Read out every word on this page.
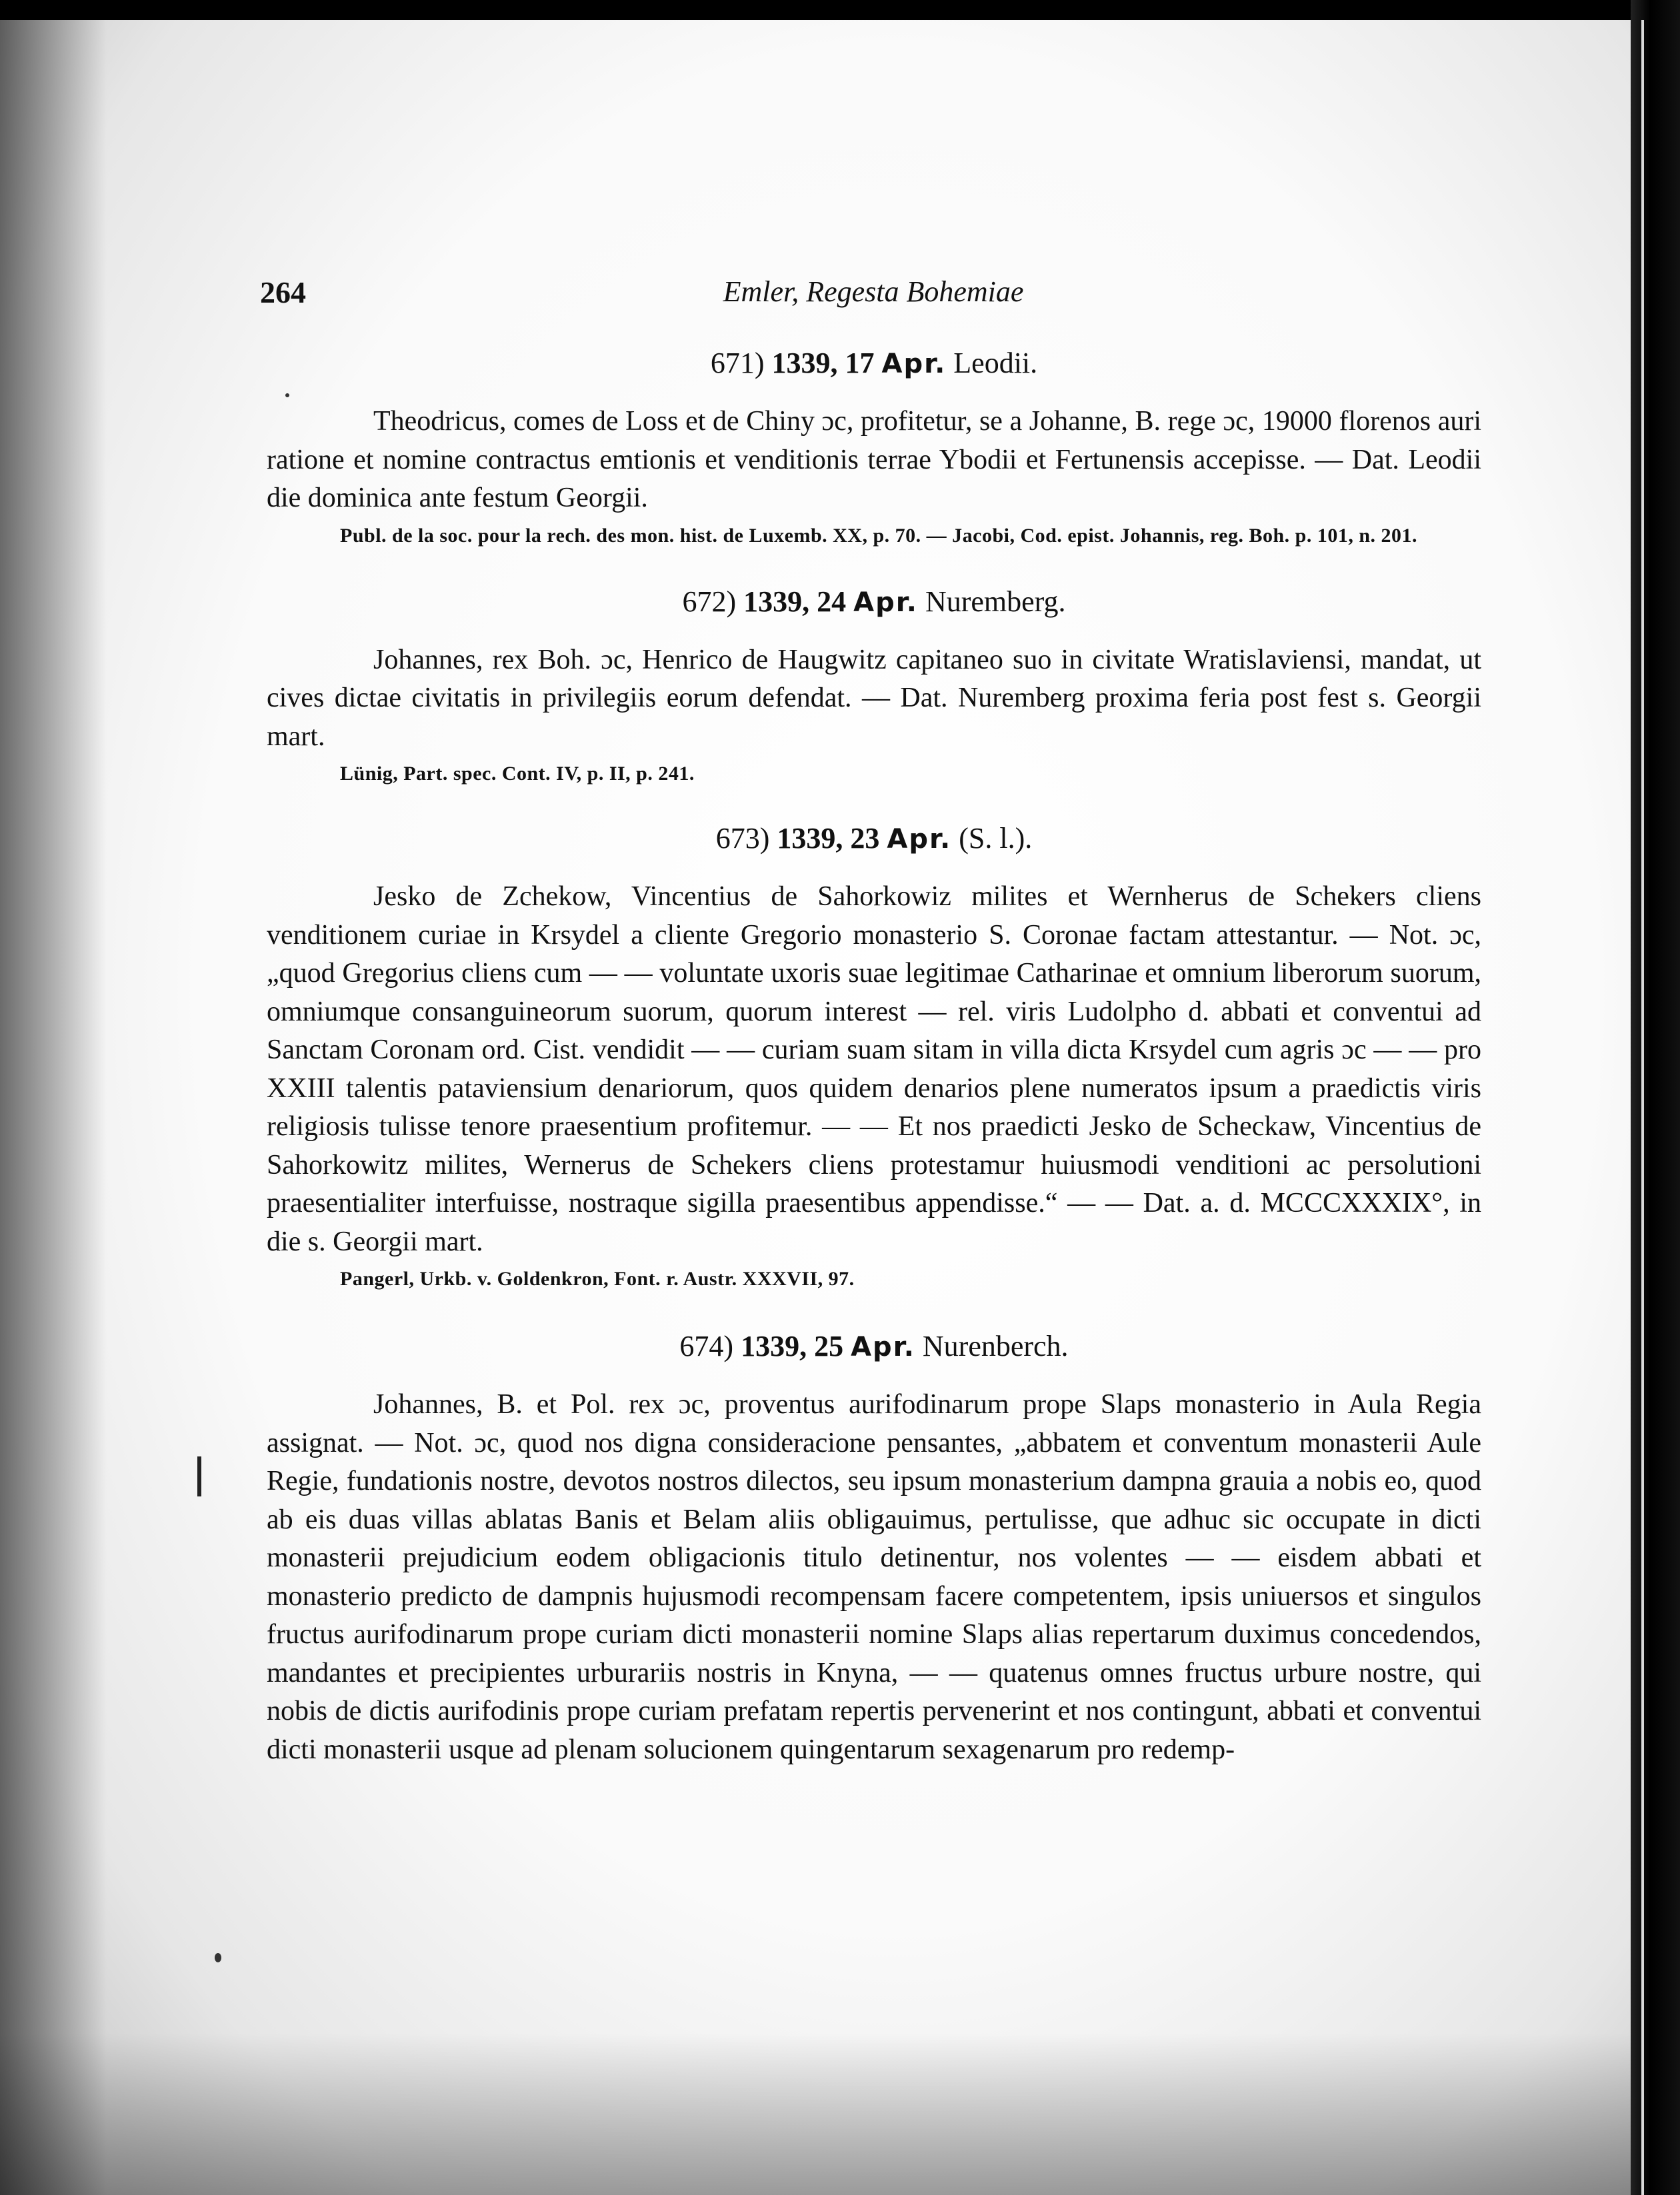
264	Emler, Regesta Bohemiae
671) 1339, 17 Apr. Leodii.

Theodricus, comes de Loss et de Chiny ɔc, profitetur, se a Johanne, B. rege ɔc, 19000 florenos auri ratione et nomine contractus emtionis et venditionis terrae Ybodii et Fertunensis accepisse. — Dat. Leodii die dominica ante festum Georgii.

Publ. de la soc. pour la rech. des mon. hist. de Luxemb. XX, p. 70. — Jacobi, Cod. epist. Johannis, reg. Boh. p. 101, n. 201.

672) 1339, 24 Apr. Nuremberg.

Johannes, rex Boh. ɔc, Henrico de Haugwitz capitaneo suo in civitate Wratislaviensi, mandat, ut cives dictae civitatis in privilegiis eorum defendat. — Dat. Nuremberg proxima feria post fest s. Georgii mart.

Lünig, Part. spec. Cont. IV, p. II, p. 241.

673) 1339, 23 Apr. (S. l.).

Jesko de Zchekow, Vincentius de Sahorkowiz milites et Wernherus de Schekers cliens venditionem curiae in Krsydel a cliente Gregorio monasterio S. Coronae factam attestantur. — Not. ɔc, „quod Gregorius cliens cum — — voluntate uxoris suae legitimae Catharinae et omnium liberorum suorum, omniumque consanguineorum suorum, quorum interest — rel. viris Ludolpho d. abbati et conventui ad Sanctam Coronam ord. Cist. vendidit — — curiam suam sitam in villa dicta Krsydel cum agris ɔc — — pro XXIII talentis pataviensium denariorum, quos quidem denarios plene numeratos ipsum a praedictis viris religiosis tulisse tenore praesentium profitemur. — — Et nos praedicti Jesko de Scheckaw, Vincentius de Sahorkowitz milites, Wernerus de Schekers cliens protestamur huiusmodi venditioni ac persolutioni praesentialiter interfuisse, nostraque sigilla praesentibus appendisse.“ — — Dat. a. d. MCCCXXXIX°, in die s. Georgii mart.

Pangerl, Urkb. v. Goldenkron, Font. r. Austr. XXXVII, 97.

674) 1339, 25 Apr. Nurenberch.

Johannes, B. et Pol. rex ɔc, proventus aurifodinarum prope Slaps monasterio in Aula Regia assignat. — Not. ɔc, quod nos digna consideracione pensantes, „abbatem et conventum monasterii Aule Regie, fundationis nostre, devotos nostros dilectos, seu ipsum monasterium dampna grauia a nobis eo, quod ab eis duas villas ablatas Banis et Belam aliis obligauimus, pertulisse, que adhuc sic occupate in dicti monasterii prejudicium eodem obligacionis titulo detinentur, nos volentes — — eisdem abbati et monasterio predicto de dampnis hujusmodi recompensam facere competentem, ipsis uniuersos et singulos fructus aurifodinarum prope curiam dicti monasterii nomine Slaps alias repertarum duximus concedendos, mandantes et precipientes urburariis nostris in Knyna, — — quatenus omnes fructus urbure nostre, qui nobis de dictis aurifodinis prope curiam prefatam repertis pervenerint et nos contingunt, abbati et conventui dicti monasterii usque ad plenam solucionem quingentarum sexagenarum pro redemp-
